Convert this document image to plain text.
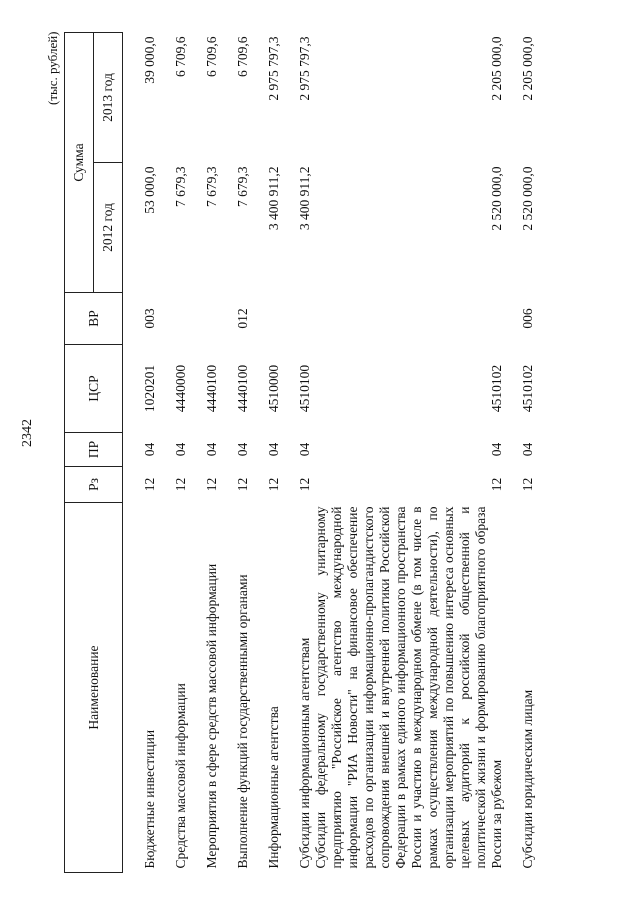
2342
(тыс. рублей)
Наименование	Рз	ПР	ЦСР	ВР	Сумма	
					2012 год	2013 год
Бюджетные инвестиции	12	04	1020201	003	53 000,0	39 000,0
Средства массовой информации	12	04	4440000		7 679,3	6 709,6
Мероприятия в сфере средств массовой информации	12	04	4440100		7 679,3	6 709,6
Выполнение функций государственными органами	12	04	4440100	012	7 679,3	6 709,6
Информационные агентства	12	04	4510000		3 400 911,2	2 975 797,3
Субсидии информационным агентствам	12	04	4510100		3 400 911,2	2 975 797,3
Субсидии федеральному государственному унитарному предприятию "Российское агентство международной информации "РИА Новости" на финансовое обеспечение расходов по организации информационно-пропагандистского сопровождения внешней и внутренней политики Российской Федерации в рамках единого информационного пространства России и участию в международном обмене (в том числе в рамках осуществления международной деятельности), по организации мероприятий по повышению интереса основных целевых аудиторий к российской общественной и политической жизни и формированию благоприятного образа России за рубежом	12	04	4510102		2 520 000,0	2 205 000,0
Субсидии юридическим лицам	12	04	4510102	006	2 520 000,0	2 205 000,0
